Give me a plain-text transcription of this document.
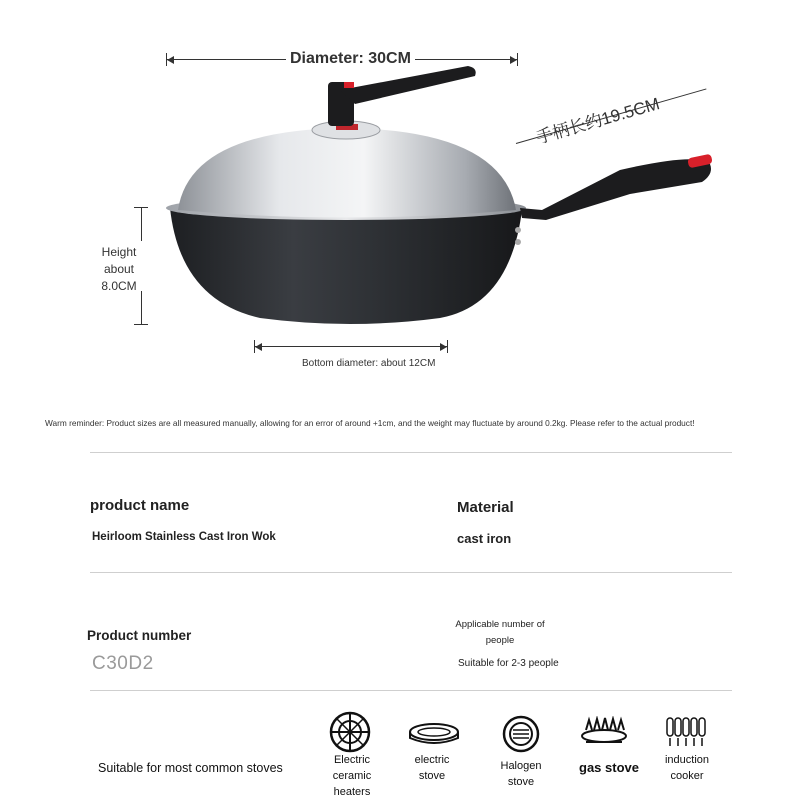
Diameter: 30CM
手柄长约19.5CM
Height
about
8.0CM
Bottom diameter: about 12CM
Warm reminder: Product sizes are all measured manually, allowing for an error of around +1cm, and the weight may fluctuate by around 0.2kg. Please refer to the actual product!
product name
Heirloom Stainless Cast Iron Wok
Material
cast iron
Product number
C30D2
Applicable number of
people
Suitable for 2-3 people
Suitable for most common stoves
Electric ceramic
heaters
electric
stove
Halogen stove
gas stove	induction
cooker
